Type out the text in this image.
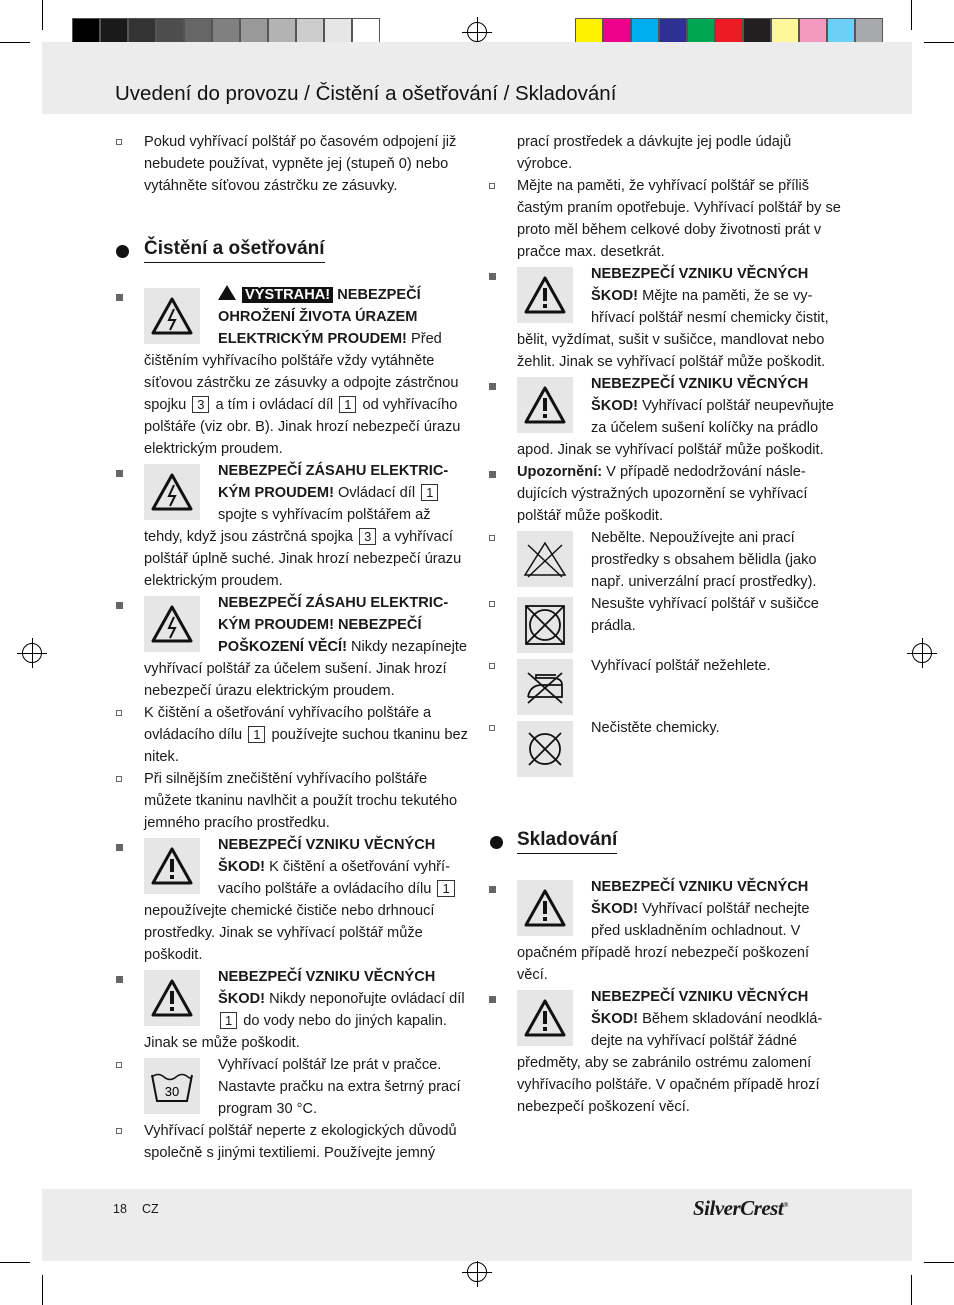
Uvedení do provozu / Čistění a ošetřování / Skladování

Pokud vyhřívací polštář po časovém odpojení již nebudete používat, vypněte jej (stupeň 0) nebo vytáhněte síťovou zástrčku ze zásuvky.

Čistění a ošetřování
VÝSTRAHA! NEBEZPEČÍ OHROŽENÍ ŽIVOTA ÚRAZEM ELEKTRICKÝM PROUDEM! Před čištěním vyhřívacího polštáře vždy vytáhněte síťovou zástrčku ze zásuvky a odpojte zástrčnou spojku 3 a tím i ovládací díl 1 od vyhřívacího polštáře (viz obr. B). Jinak hrozí nebezpečí úrazu elektrickým proudem.
NEBEZPEČÍ ZÁSAHU ELEKTRICKÝM PROUDEM! Ovládací díl 1 spojte s vyhřívacím polštářem až tehdy, když jsou zástrčná spojka 3 a vyhřívací polštář úplně suché. Jinak hrozí nebezpečí úrazu elektrickým proudem.
NEBEZPEČÍ ZÁSAHU ELEKTRICKÝM PROUDEM! NEBEZPEČÍ POŠKOZENÍ VĚCÍ! Nikdy nezapínejte vyhřívací polštář za účelem sušení. Jinak hrozí nebezpečí úrazu elektrickým proudem.

K čištění a ošetřování vyhřívacího polštáře a ovládacího dílu 1 používejte suchou tkaninu bez nitek.

Při silnějším znečištění vyhřívacího polštáře můžete tkaninu navlhčit a použít trochu tekutého jemného pracího prostředku.

NEBEZPEČÍ VZNIKU VĚCNÝCH ŠKOD! K čištění a ošetřování vyhřívacího polštáře a ovládacího dílu 1 nepoužívejte chemické čističe nebo drhnoucí prostředky. Jinak se vyhřívací polštář může poškodit.
NEBEZPEČÍ VZNIKU VĚCNÝCH ŠKOD! Nikdy neponořujte ovládací díl 1 do vody nebo do jiných kapalin. Jinak se může poškodit.
30
Vyhřívací polštář lze prát v pračce. Nastavte pračku na extra šetrný prací program 30 °C.

Vyhřívací polštář neperte z ekologických důvodů společně s jinými textiliemi. Používejte jemný

prací prostředek a dávkujte jej podle údajů výrobce.

Mějte na paměti, že vyhřívací polštář se příliš častým praním opotřebuje. Vyhřívací polštář by se proto měl během celkové doby životnosti prát v pračce max. desetkrát.

NEBEZPEČÍ VZNIKU VĚCNÝCH ŠKOD! Mějte na paměti, že se vyhřívací polštář nesmí chemicky čistit, bělit, vyždímat, sušit v sušičce, mandlovat nebo žehlit. Jinak se vyhřívací polštář může poškodit.
NEBEZPEČÍ VZNIKU VĚCNÝCH ŠKOD! Vyhřívací polštář neupevňujte za účelem sušení kolíčky na prádlo apod. Jinak se vyhřívací polštář může poškodit.

Upozornění: V případě nedodržování následujících výstražných upozornění se vyhřívací polštář může poškodit.

Nebělte. Nepoužívejte ani prací prostředky s obsahem bělidla (jako např. univerzální prací prostředky).
Nesušte vyhřívací polštář v sušičce prádla.
Vyhřívací polštář nežehlete.
Nečistěte chemicky.
Skladování
NEBEZPEČÍ VZNIKU VĚCNÝCH ŠKOD! Vyhřívací polštář nechejte před uskladněním ochladnout. V opačném případě hrozí nebezpečí poškození věcí.
NEBEZPEČÍ VZNIKU VĚCNÝCH ŠKOD! Během skladování neodkládejte na vyhřívací polštář žádné předměty, aby se zabránilo ostrému zalomení vyhřívacího polštáře. V opačném případě hrozí nebezpečí poškození věcí.
18 CZ	SilverCrest®
